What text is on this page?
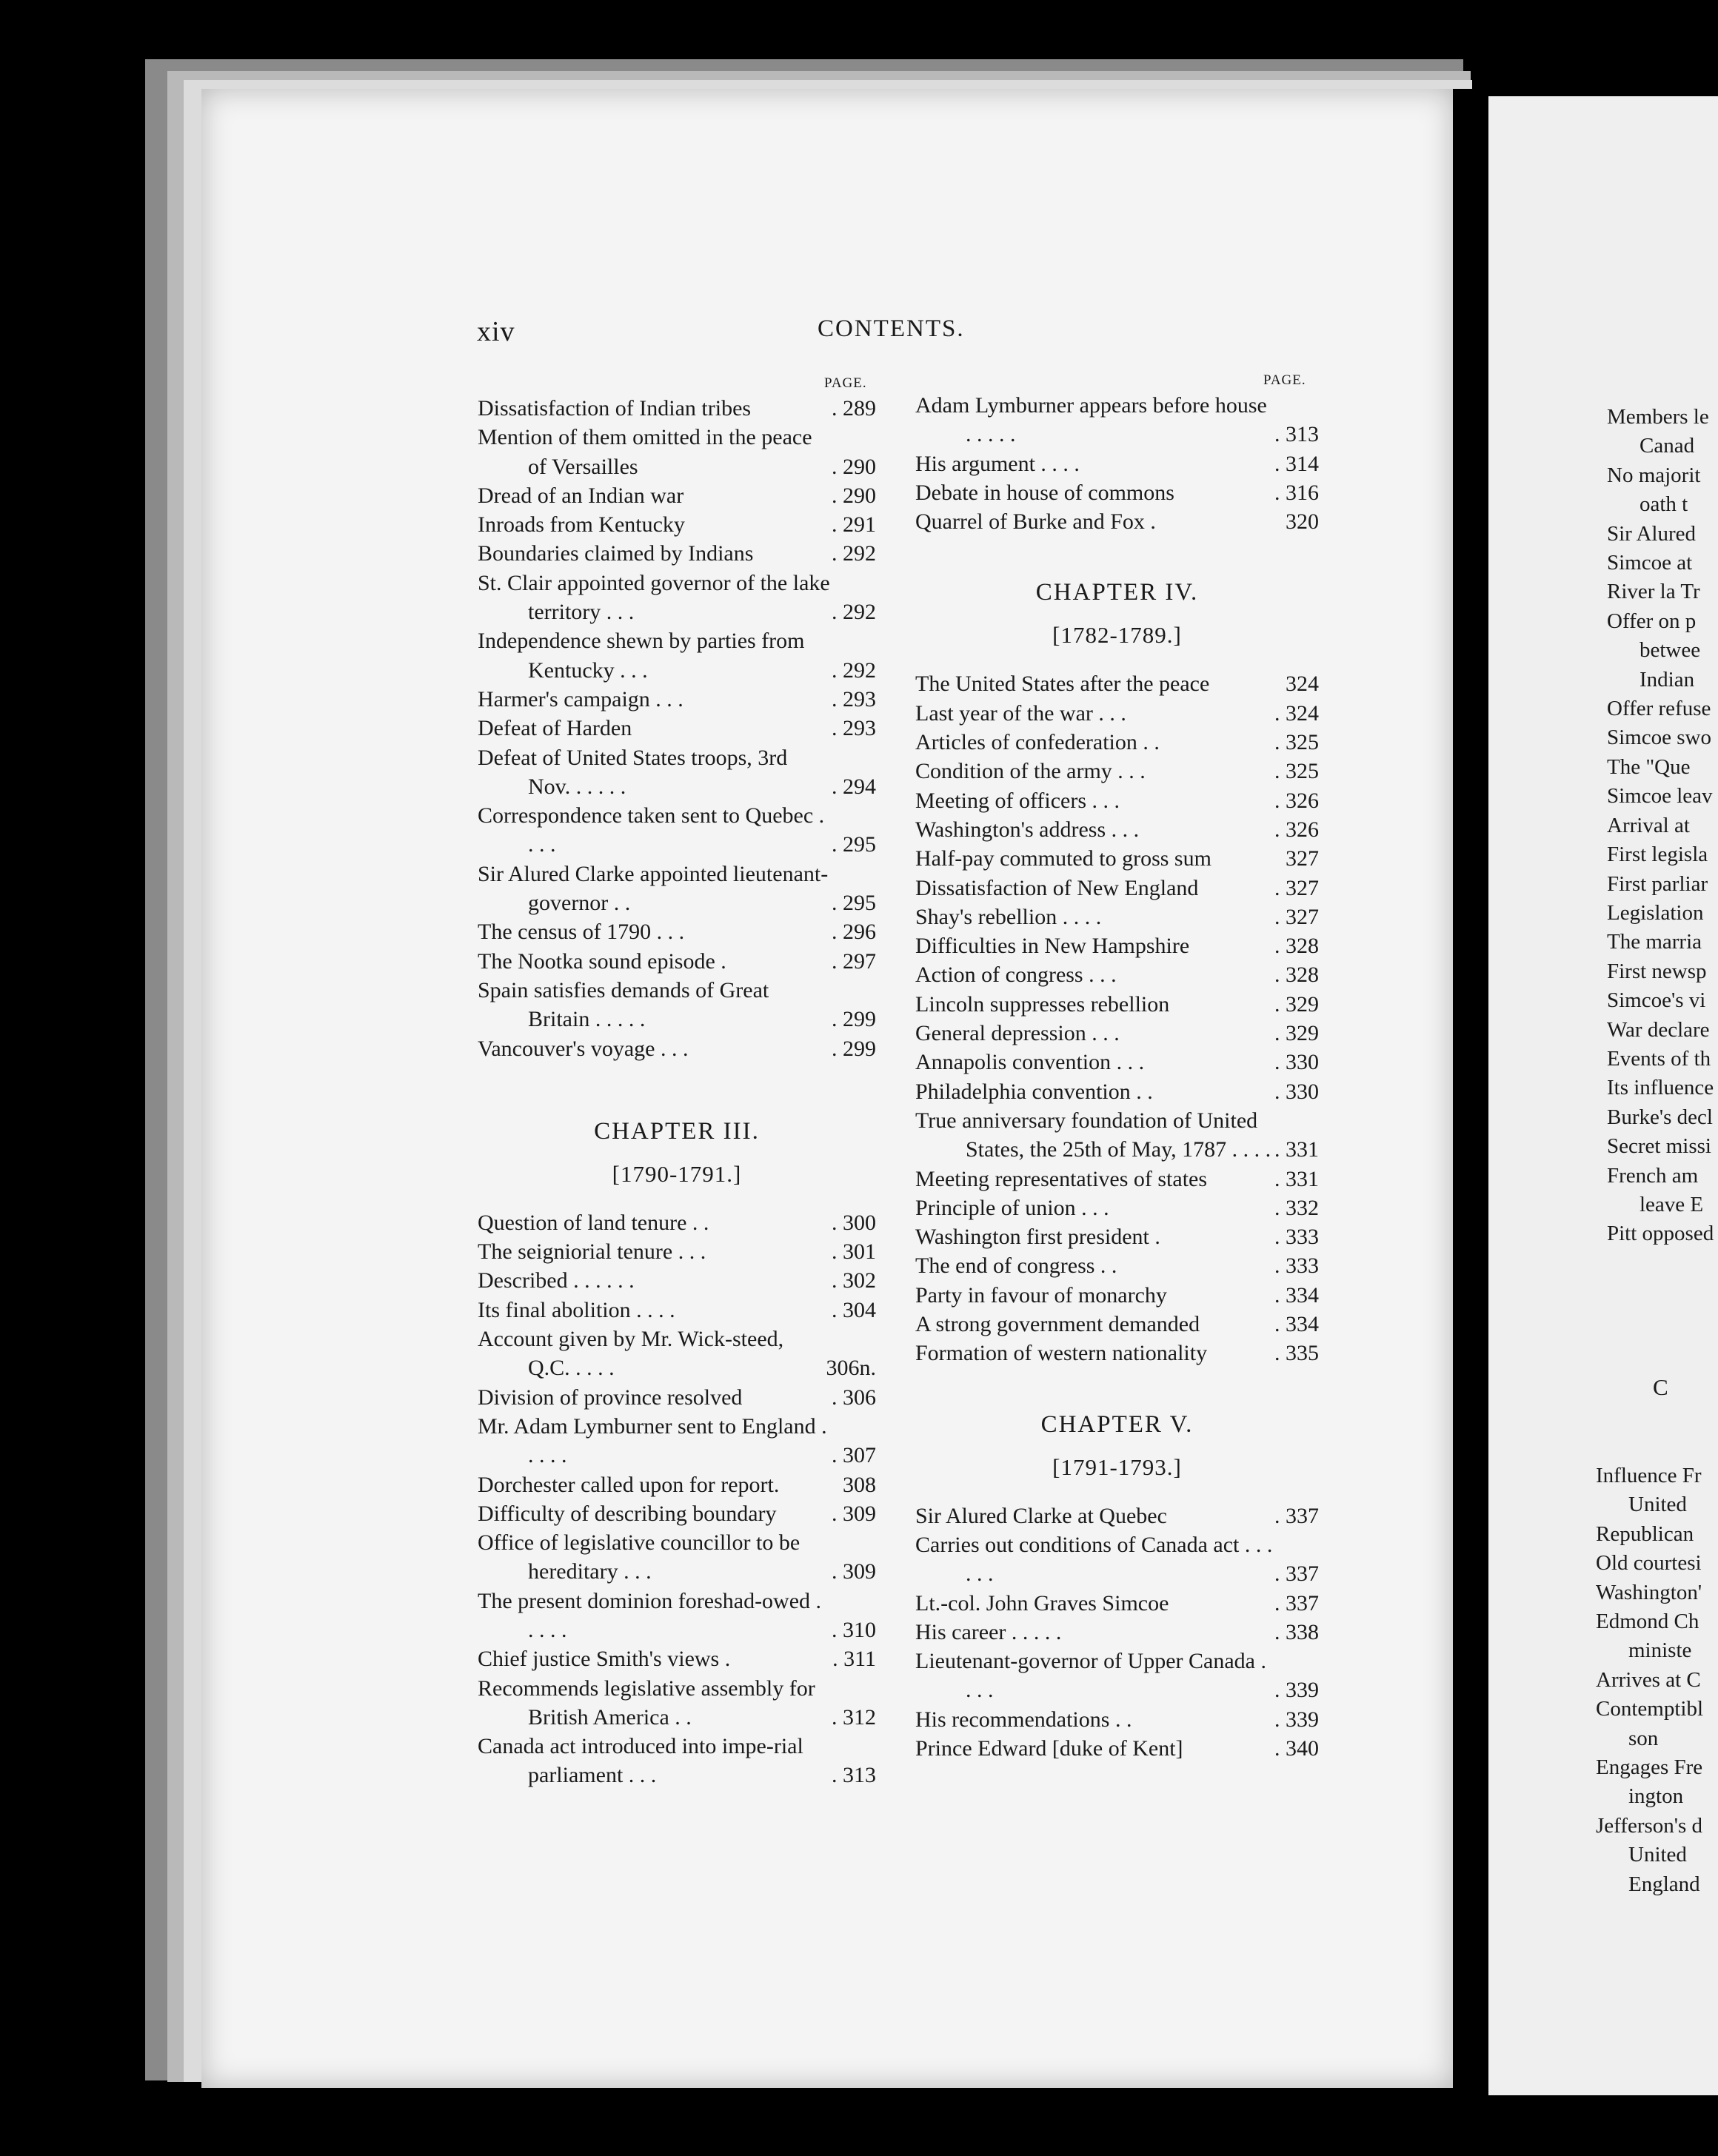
Members le
Canad
No majorit
oath t
Sir Alured
Simcoe at
River la Tr
Offer on p
betwee
Indian
Offer refuse
Simcoe swo
The "Que
Simcoe leav
Arrival at
First legisla
First parliar
Legislation
The marria
First newsp
Simcoe's vi
War declare
Events of th
Its influence
Burke's decl
Secret missi
French am
leave E
Pitt opposed
C
Influence Fr
United
Republican
Old courtesi
Washington'
Edmond Ch
ministe
Arrives at C
Contemptibl
son
Engages Fre
ington
Jefferson's d
United
England
xiv	CONTENTS.
PAGE.	PAGE.
Dissatisfaction of Indian tribes	. 289
Mention of them omitted in the peace of Versailles	. 290
Dread of an Indian war	. 290
Inroads from Kentucky	. 291
Boundaries claimed by Indians	. 292
St. Clair appointed governor of the lake territory . . .	. 292
Independence shewn by parties from Kentucky . . .	. 292
Harmer's campaign . . .	. 293
Defeat of Harden	. 293
Defeat of United States troops, 3rd Nov. . . . . .	. 294
Correspondence taken sent to Quebec . . . .	. 295
Sir Alured Clarke appointed lieutenant-governor . .	. 295
The census of 1790 . . .	. 296
The Nootka sound episode .	. 297
Spain satisfies demands of Great Britain . . . . .	. 299
Vancouver's voyage . . .	. 299
CHAPTER III.
[1790-1791.]
Question of land tenure . .	. 300
The seigniorial tenure . . .	. 301
Described . . . . . .	. 302
Its final abolition . . . .	. 304
Account given by Mr. Wick-steed, Q.C. . . . .	306n.
Division of province resolved	. 306
Mr. Adam Lymburner sent to England . . . . .	. 307
Dorchester called upon for report.	308
Difficulty of describing boundary	. 309
Office of legislative councillor to be hereditary . . .	. 309
The present dominion foreshad-owed . . . . .	. 310
Chief justice Smith's views .	. 311
Recommends legislative assembly for British America . .	. 312
Canada act introduced into impe-rial parliament . . .	. 313
Adam Lymburner appears before house . . . . .	. 313
His argument . . . .	. 314
Debate in house of commons	. 316
Quarrel of Burke and Fox .	320
CHAPTER IV.
[1782-1789.]
The United States after the peace	324
Last year of the war . . .	. 324
Articles of confederation . .	. 325
Condition of the army . . .	. 325
Meeting of officers . . .	. 326
Washington's address . . .	. 326
Half-pay commuted to gross sum	327
Dissatisfaction of New England	. 327
Shay's rebellion . . . .	. 327
Difficulties in New Hampshire	. 328
Action of congress . . .	. 328
Lincoln suppresses rebellion	. 329
General depression . . .	. 329
Annapolis convention . . .	. 330
Philadelphia convention . .	. 330
True anniversary foundation of United States, the 25th of May, 1787 . . . . . 331
Meeting representatives of states	. 331
Principle of union . . .	. 332
Washington first president .	. 333
The end of congress . .	. 333
Party in favour of monarchy	. 334
A strong government demanded	. 334
Formation of western nationality	. 335
CHAPTER V.
[1791-1793.]
Sir Alured Clarke at Quebec	. 337
Carries out conditions of Canada act . . . . . .	. 337
Lt.-col. John Graves Simcoe	. 337
His career . . . . .	. 338
Lieutenant-governor of Upper Canada . . . .	. 339
His recommendations . .	. 339
Prince Edward [duke of Kent]	. 340
